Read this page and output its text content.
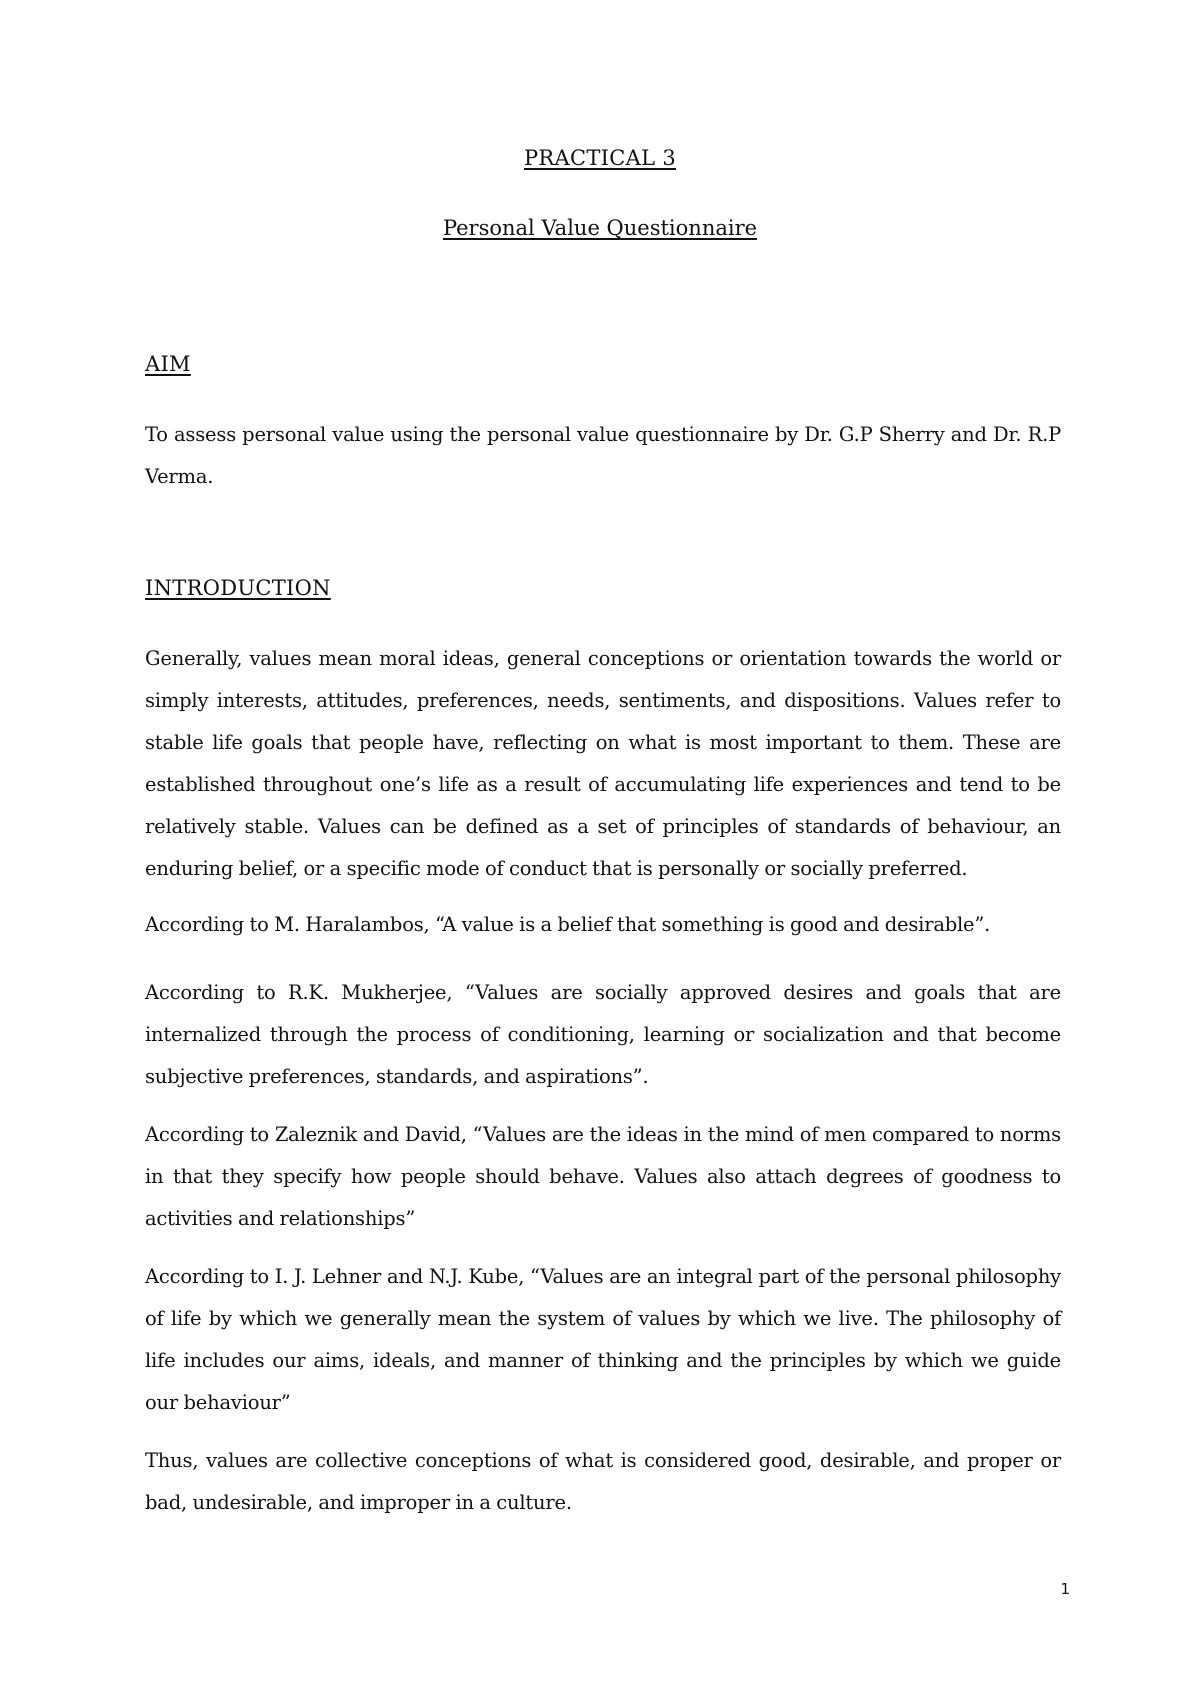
PRACTICAL 3
Personal Value Questionnaire
AIM

To assess personal value using the personal value questionnaire by Dr. G.P Sherry and Dr. R.P Verma.

INTRODUCTION

Generally, values mean moral ideas, general conceptions or orientation towards the world or simply interests, attitudes, preferences, needs, sentiments, and dispositions. Values refer to stable life goals that people have, reflecting on what is most important to them. These are established throughout one’s life as a result of accumulating life experiences and tend to be relatively stable. Values can be defined as a set of principles of standards of behaviour, an enduring belief, or a specific mode of conduct that is personally or socially preferred.

According to M. Haralambos, “A value is a belief that something is good and desirable”.

According to R.K. Mukherjee, “Values are socially approved desires and goals that are internalized through the process of conditioning, learning or socialization and that become subjective preferences, standards, and aspirations”.

According to Zaleznik and David, “Values are the ideas in the mind of men compared to norms in that they specify how people should behave. Values also attach degrees of goodness to activities and relationships”

According to I. J. Lehner and N.J. Kube, “Values are an integral part of the personal philosophy of life by which we generally mean the system of values by which we live. The philosophy of life includes our aims, ideals, and manner of thinking and the principles by which we guide our behaviour”

Thus, values are collective conceptions of what is considered good, desirable, and proper or bad, undesirable, and improper in a culture.

1
